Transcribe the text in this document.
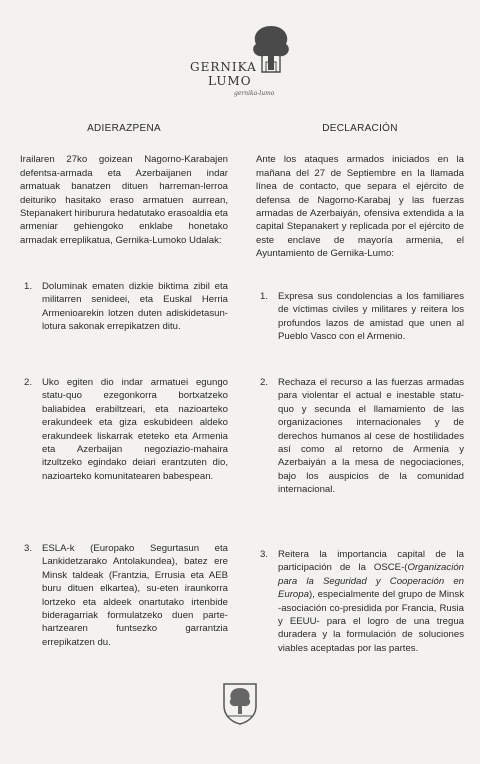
GERNIKA
LUMO
gernika-lumo
ADIERAZPENA

Irailaren 27ko goizean Nagorno-Karabajen defentsa-armada eta Azerbaijanen indar armatuak banatzen dituen harreman-lerroa deituriko hasitako eraso armatuen aurrean, Stepanakert hiriburura hedatutako erasoaldia eta armeniar gehiengoko enklabe honetako armadak erreplikatua, Gernika-Lumoko Udalak:

1.	Doluminak ematen dizkie biktima zibil eta militarren senideei, eta Euskal Herria Armenioarekin lotzen duten adiskidetasun-lotura sakonak errepikatzen ditu.
2.	Uko egiten dio indar armatuei egungo statu-quo ezegonkorra bortxatzeko baliabidea erabiltzeari, eta nazioarteko erakundeek eta giza eskubideen aldeko erakundeek liskarrak eteteko eta Armenia eta Azerbaijan negoziazio-mahaira itzultzeko egindako deiari erantzuten dio, nazioarteko komunitatearen babespean.
3.	ESLA-k (Europako Segurtasun eta Lankidetzarako Antolakundea), batez ere Minsk taldeak (Frantzia, Errusia eta AEB buru dituen elkartea), su-eten iraunkorra lortzeko eta aldeek onartutako irtenbide bideragarriak formulatzeko duen parte-hartzearen funtsezko garrantzia errepikatzen du.
DECLARACIÓN

Ante los ataques armados iniciados en la mañana del 27 de Septiembre en la llamada línea de contacto, que separa el ejército de defensa de Nagorno-Karabaj y las fuerzas armadas de Azerbaiyán, ofensiva extendida a la capital Stepanakert y replicada por el ejército de este enclave de mayoría armenia, el Ayuntamiento de Gernika-Lumo:

1.	Expresa sus condolencias a los familiares de víctimas civiles y militares y reitera los profundos lazos de amistad que unen al Pueblo Vasco con el Armenio.
2.	Rechaza el recurso a las fuerzas armadas para violentar el actual e inestable statu-quo y secunda el llamamiento de las organizaciones internacionales y de derechos humanos al cese de hostilidades así como al retorno de Armenia y Azerbaiyán a la mesa de negociaciones, bajo los auspicios de la comunidad internacional.
3.	Reitera la importancia capital de la participación de la OSCE-(Organización para la Seguridad y Cooperación en Europa), especialmente del grupo de Minsk -asociación co-presidida por Francia, Rusia y EEUU- para el logro de una tregua duradera y la formulación de soluciones viables aceptadas por las partes.
